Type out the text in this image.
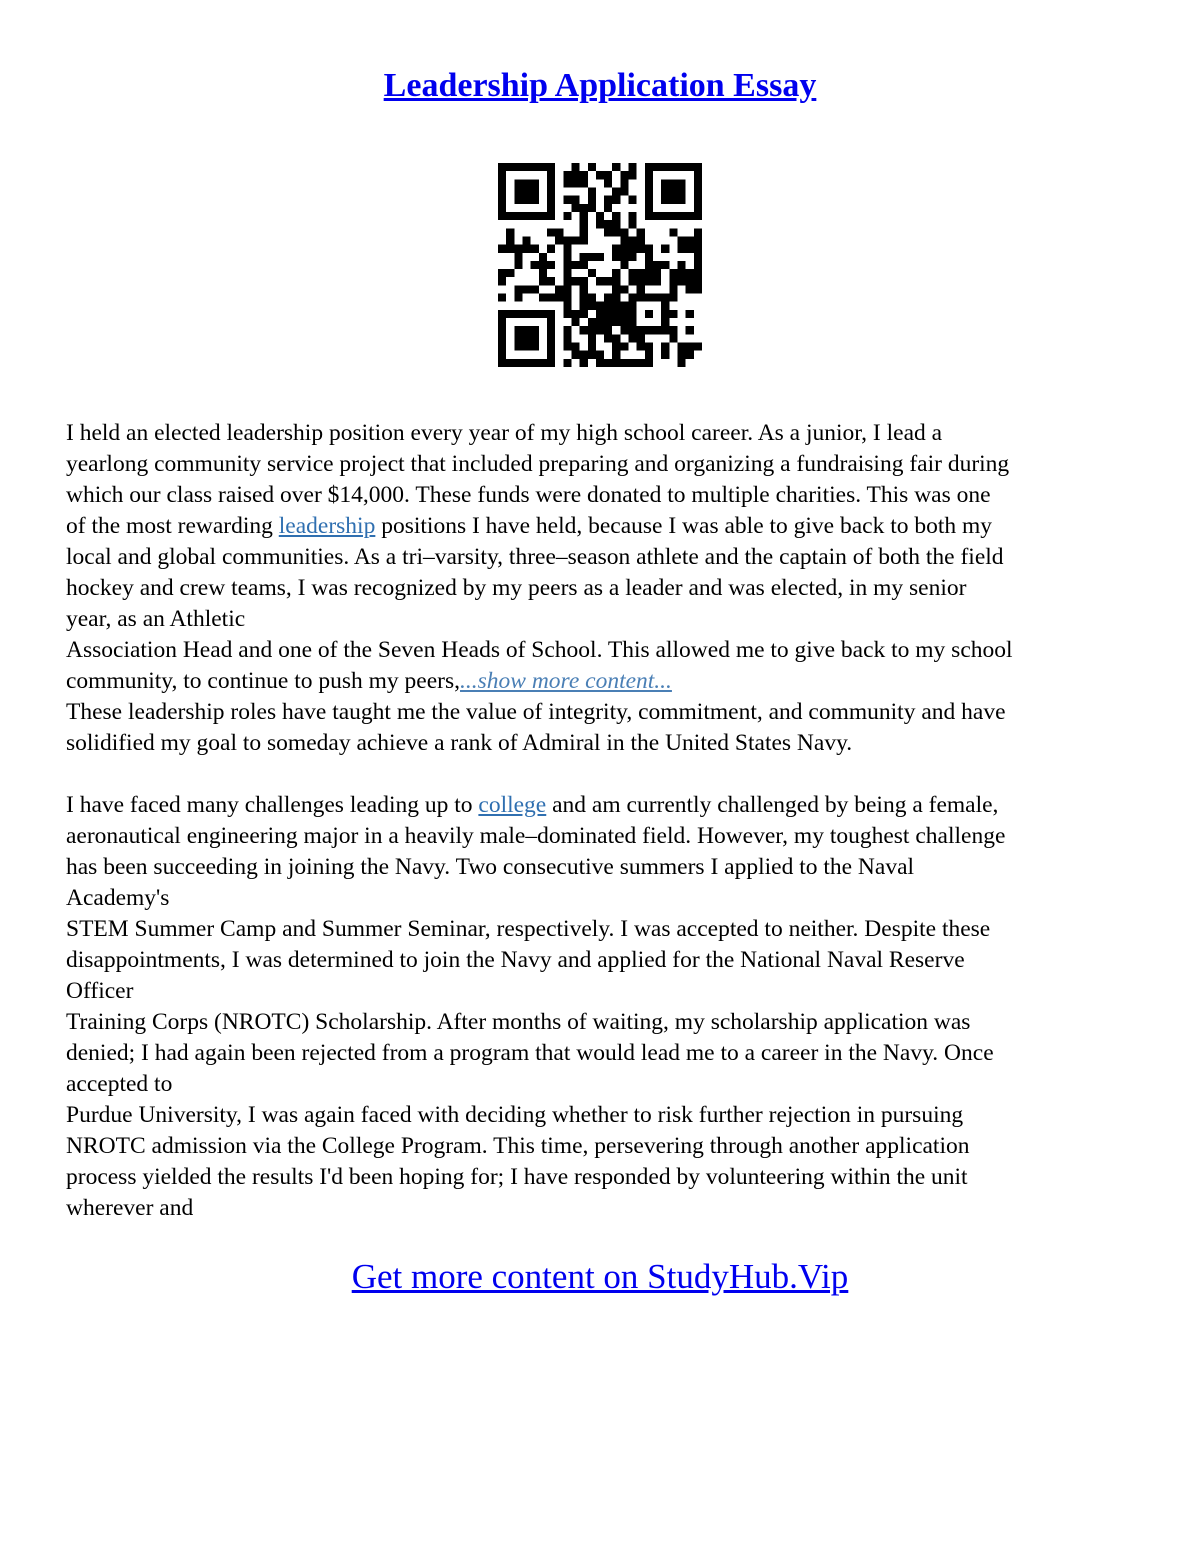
Leadership Application Essay

I held an elected leadership position every year of my high school career. As a junior, I lead a

yearlong community service project that included preparing and organizing a fundraising fair during

which our class raised over $14,000. These funds were donated to multiple charities. This was one

of the most rewarding leadership positions I have held, because I was able to give back to both my

local and global communities. As a tri–varsity, three–season athlete and the captain of both the field

hockey and crew teams, I was recognized by my peers as a leader and was elected, in my senior

year, as an Athletic

Association Head and one of the Seven Heads of School. This allowed me to give back to my school

community, to continue to push my peers,...show more content...

These leadership roles have taught me the value of integrity, commitment, and community and have

solidified my goal to someday achieve a rank of Admiral in the United States Navy.

I have faced many challenges leading up to college and am currently challenged by being a female,

aeronautical engineering major in a heavily male–dominated field. However, my toughest challenge

has been succeeding in joining the Navy. Two consecutive summers I applied to the Naval

Academy's

STEM Summer Camp and Summer Seminar, respectively. I was accepted to neither. Despite these

disappointments, I was determined to join the Navy and applied for the National Naval Reserve

Officer

Training Corps (NROTC) Scholarship. After months of waiting, my scholarship application was

denied; I had again been rejected from a program that would lead me to a career in the Navy. Once

accepted to

Purdue University, I was again faced with deciding whether to risk further rejection in pursuing

NROTC admission via the College Program. This time, persevering through another application

process yielded the results I'd been hoping for; I have responded by volunteering within the unit

wherever and

Get more content on StudyHub.Vip
